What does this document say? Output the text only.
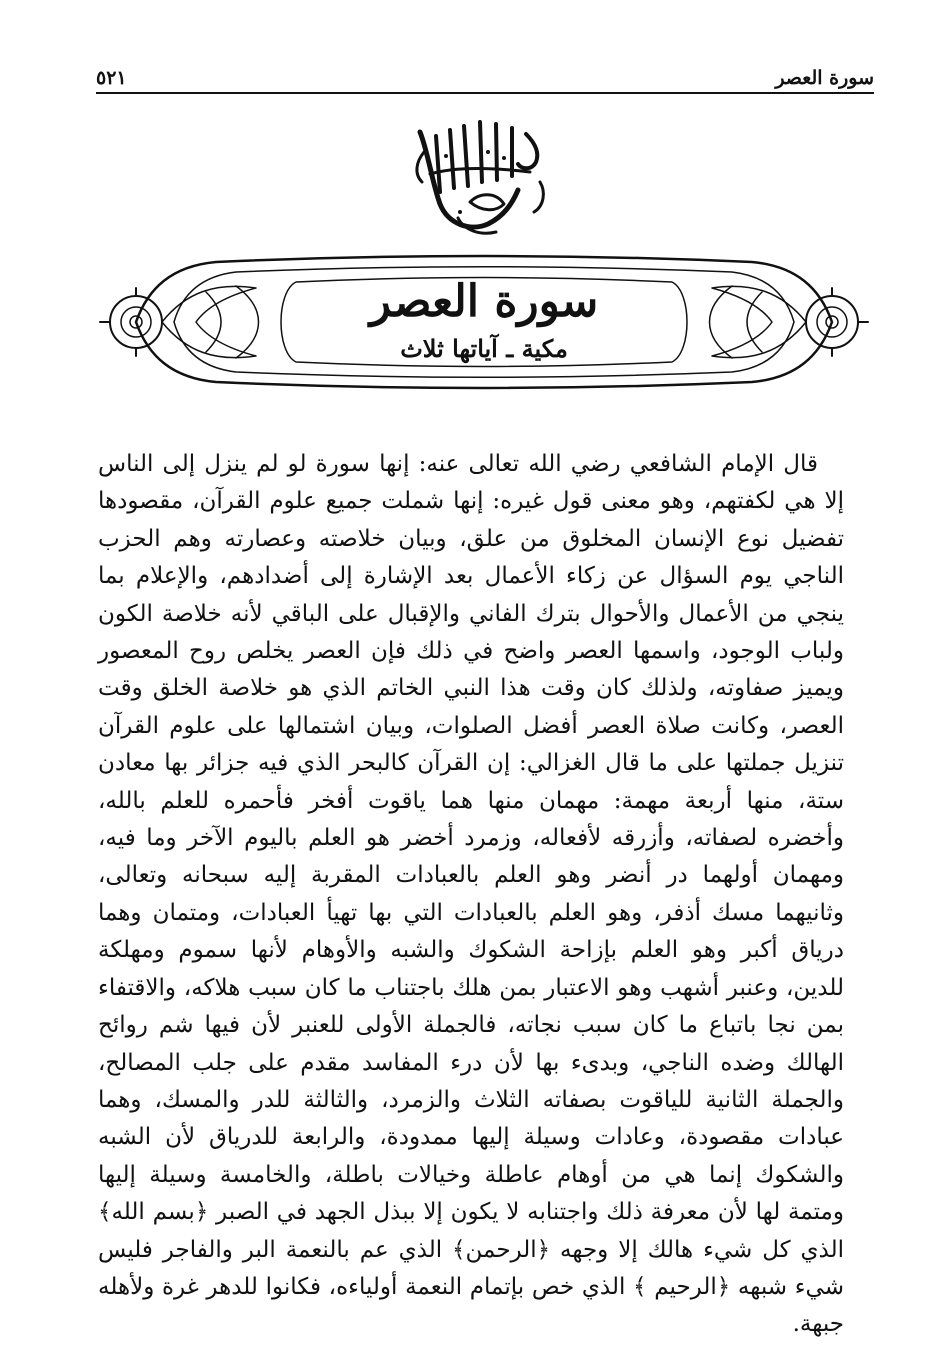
سورة العصر
٥٢١
سورة العصر
مكية ـ آياتها ثلاث
قال الإمام الشافعي رضي الله تعالى عنه: إنها سورة لو لم ينزل إلى الناس إلا هي لكفتهم، وهو معنى قول غيره: إنها شملت جميع علوم القرآن، مقصودها تفضيل نوع الإنسان المخلوق من علق، وبيان خلاصته وعصارته وهم الحزب الناجي يوم السؤال عن زكاء الأعمال بعد الإشارة إلى أضدادهم، والإعلام بما ينجي من الأعمال والأحوال بترك الفاني والإقبال على الباقي لأنه خلاصة الكون ولباب الوجود، واسمها العصر واضح في ذلك فإن العصر يخلص روح المعصور ويميز صفاوته، ولذلك كان وقت هذا النبي الخاتم الذي هو خلاصة الخلق وقت العصر، وكانت صلاة العصر أفضل الصلوات، وبيان اشتمالها على علوم القرآن تنزيل جملتها على ما قال الغزالي: إن القرآن كالبحر الذي فيه جزائر بها معادن ستة، منها أربعة مهمة: مهمان منها هما ياقوت أفخر فأحمره للعلم بالله، وأخضره لصفاته، وأزرقه لأفعاله، وزمرد أخضر هو العلم باليوم الآخر وما فيه، ومهمان أولهما در أنضر وهو العلم بالعبادات المقربة إليه سبحانه وتعالى، وثانيهما مسك أذفر، وهو العلم بالعبادات التي بها تهيأ العبادات، ومتمان وهما درياق أكبر وهو العلم بإزاحة الشكوك والشبه والأوهام لأنها سموم ومهلكة للدين، وعنبر أشهب وهو الاعتبار بمن هلك باجتناب ما كان سبب هلاكه، والاقتفاء بمن نجا باتباع ما كان سبب نجاته، فالجملة الأولى للعنبر لأن فيها شم روائح الهالك وضده الناجي، وبدىء بها لأن درء المفاسد مقدم على جلب المصالح، والجملة الثانية للياقوت بصفاته الثلاث والزمرد، والثالثة للدر والمسك، وهما عبادات مقصودة، وعادات وسيلة إليها ممدودة، والرابعة للدرياق لأن الشبه والشكوك إنما هي من أوهام عاطلة وخيالات باطلة، والخامسة وسيلة إليها ومتمة لها لأن معرفة ذلك واجتنابه لا يكون إلا ببذل الجهد في الصبر ﴿بسم الله﴾ الذي كل شيء هالك إلا وجهه ﴿الرحمن﴾ الذي عم بالنعمة البر والفاجر فليس شيء شبهه ﴿الرحيم ﴾ الذي خص بإتمام النعمة أولياءه، فكانوا للدهر غرة ولأهله جبهة.
